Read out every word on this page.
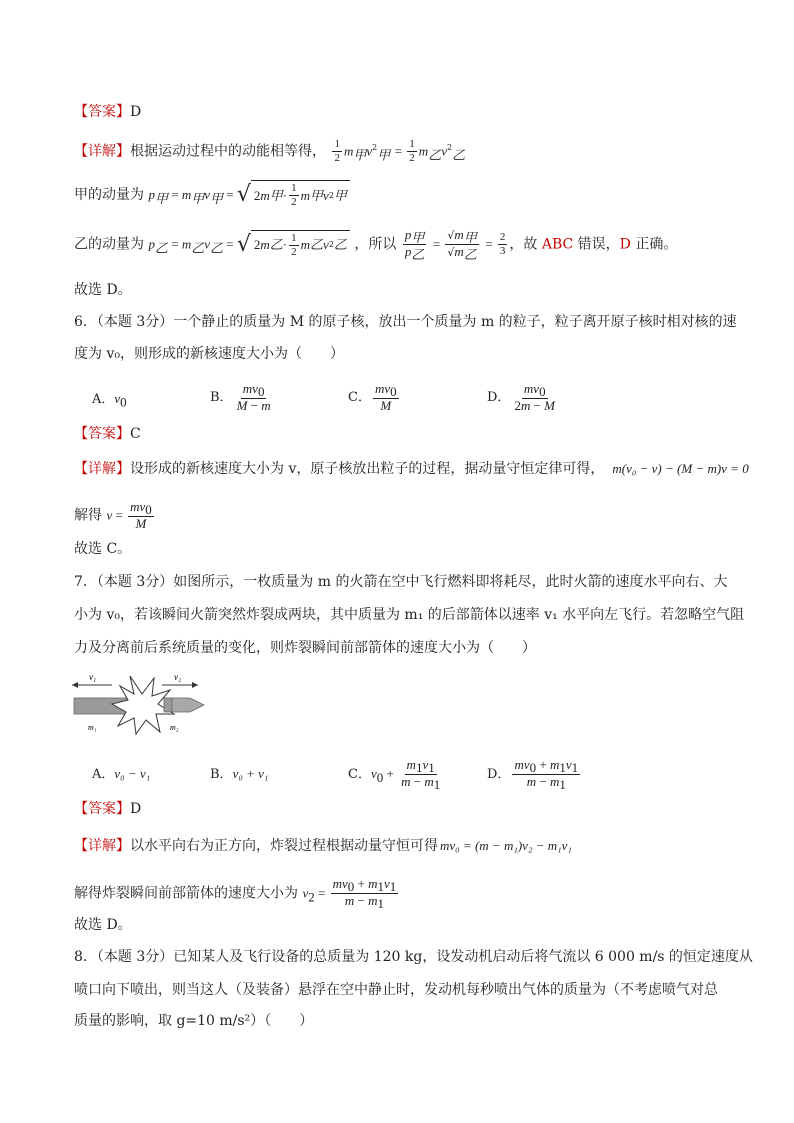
【答案】D
【详解】根据运动过程中的动能相等得， $\frac{1}{2} m_甲v^2_甲 = \frac{1}{2} m_乙v^2_乙$
甲的动量为 $p_甲 = m_甲v_甲$ = √ 2 m 甲 · $\frac{1}{2}$ m 甲 v 2 甲
乙的动量为 $p_乙 = m_乙v_乙$ = √ 2 m 乙 · $\frac{1}{2}$ m 乙 v 2 乙 ，所以 $\frac{p_甲}{p_乙} = \frac{√m_甲}{√m_乙} = \frac{2}{3}$ ，故 ABC 错误，D 正确。
故选 D。
6．（本题 3分）一个静止的质量为 M 的原子核，放出一个质量为 m 的粒子，粒子离开原子核时相对核的速
度为 v₀，则形成的新核速度大小为（　　）
A．$v_0$	B． $\frac{mv_0}{M - m}$	C． $\frac{mv_0}{M}$	D． $\frac{mv_0}{2m - M}$
【答案】C
【详解】设形成的新核速度大小为 v，原子核放出粒子的过程，据动量守恒定律可得， m(v₀ − v) − (M − m)v = 0
解得 $v = \frac{mv_0}{M}$
故选 C。
7．（本题 3分）如图所示，一枚质量为 m 的火箭在空中飞行燃料即将耗尽，此时火箭的速度水平向右、大
小为 v₀，若该瞬间火箭突然炸裂成两块，其中质量为 m₁ 的后部箭体以速率 v₁ 水平向左飞行。若忽略空气阻
力及分离前后系统质量的变化，则炸裂瞬间前部箭体的速度大小为（　　）
v₁	v₂
m₁	m₂
A．v₀ − v₁	B．v₀ + v₁	C．$v_0 + \frac{m_1v_1}{m - m_1}$	D． $\frac{mv_0 + m_1v_1}{m - m_1}$
【答案】D
【详解】以水平向右为正方向，炸裂过程根据动量守恒可得 mv₀ = (m − m₁)v₂ − m₁v₁
解得炸裂瞬间前部箭体的速度大小为 $v_2 = \frac{mv_0 + m_1v_1}{m - m_1}$
故选 D。
8．（本题 3分）已知某人及飞行设备的总质量为 120 kg，设发动机启动后将气流以 6 000 m/s 的恒定速度从
喷口向下喷出，则当这人（及装备）悬浮在空中静止时，发动机每秒喷出气体的质量为（不考虑喷气对总
质量的影响，取 g=10 m/s²）（　　）
